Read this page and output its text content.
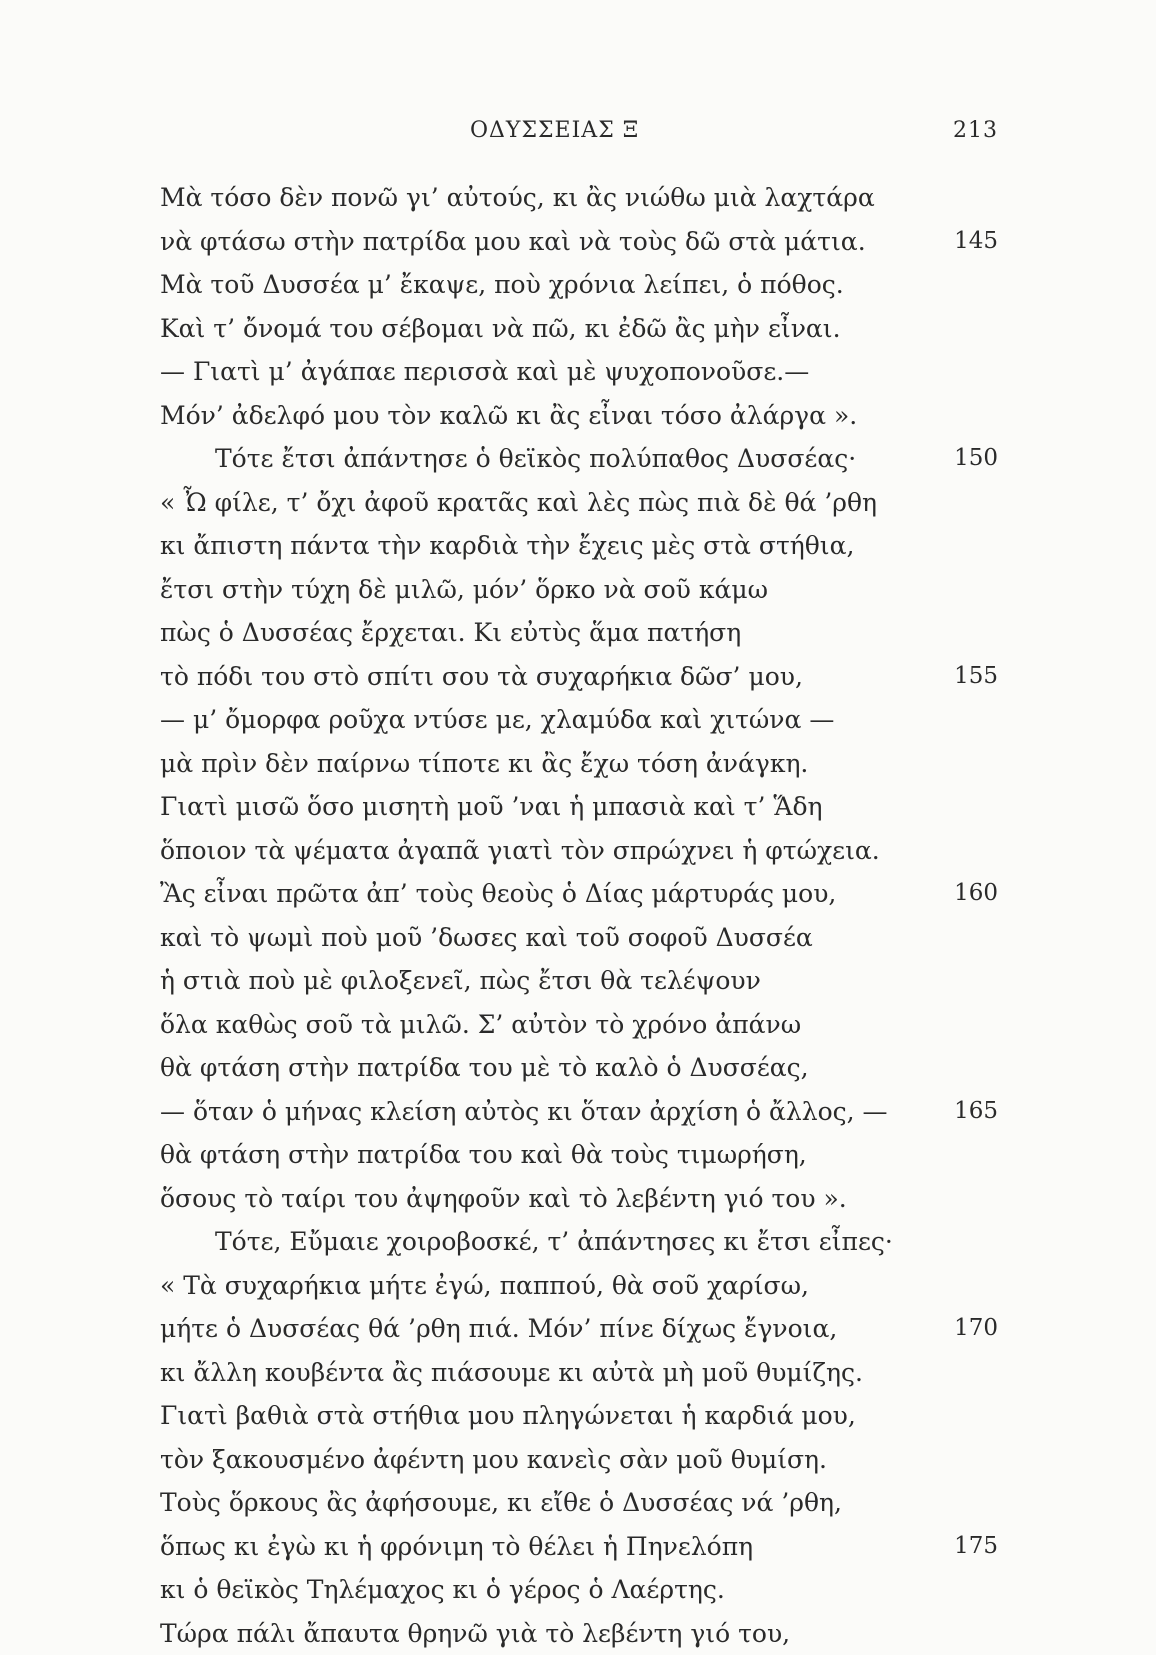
ΟΔΥΣΣΕΙΑΣ Ξ	213
Μὰ τόσο δὲν πονῶ γι’ αὐτούς, κι ἂς νιώθω μιὰ λαχτάρα
νὰ φτάσω στὴν πατρίδα μου καὶ νὰ τοὺς δῶ στὰ μάτια.	145
Μὰ τοῦ Δυσσέα μ’ ἔκαψε, ποὺ χρόνια λείπει, ὁ πόθος.
Καὶ τ’ ὄνομά του σέβομαι νὰ πῶ, κι ἐδῶ ἂς μὴν εἶναι.
— Γιατὶ μ’ ἀγάπαε περισσὰ καὶ μὲ ψυχοπονοῦσε.—
Μόν’ ἀδελφό μου τὸν καλῶ κι ἂς εἶναι τόσο ἀλάργα ».
Τότε ἔτσι ἀπάντησε ὁ θεϊκὸς πολύπαθος Δυσσέας·	150
« Ὦ φίλε, τ’ ὄχι ἀφοῦ κρατᾶς καὶ λὲς πὼς πιὰ δὲ θά ’ρθη
κι ἄπιστη πάντα τὴν καρδιὰ τὴν ἔχεις μὲς στὰ στήθια,
ἔτσι στὴν τύχη δὲ μιλῶ, μόν’ ὅρκο νὰ σοῦ κάμω
πὼς ὁ Δυσσέας ἔρχεται. Κι εὐτὺς ἅμα πατήση
τὸ πόδι του στὸ σπίτι σου τὰ συχαρήκια δῶσ’ μου,	155
— μ’ ὄμορφα ροῦχα ντύσε με, χλαμύδα καὶ χιτώνα —
μὰ πρὶν δὲν παίρνω τίποτε κι ἂς ἔχω τόση ἀνάγκη.
Γιατὶ μισῶ ὅσο μισητὴ μοῦ ’ναι ἡ μπασιὰ καὶ τ’ Ἅδη
ὅποιον τὰ ψέματα ἀγαπᾶ γιατὶ τὸν σπρώχνει ἡ φτώχεια.
Ἂς εἶναι πρῶτα ἀπ’ τοὺς θεοὺς ὁ Δίας μάρτυράς μου,	160
καὶ τὸ ψωμὶ ποὺ μοῦ ’δωσες καὶ τοῦ σοφοῦ Δυσσέα
ἡ στιὰ ποὺ μὲ φιλοξενεῖ, πὼς ἔτσι θὰ τελέψουν
ὅλα καθὼς σοῦ τὰ μιλῶ. Σ’ αὐτὸν τὸ χρόνο ἀπάνω
θὰ φτάση στὴν πατρίδα του μὲ τὸ καλὸ ὁ Δυσσέας,
— ὅταν ὁ μήνας κλείση αὐτὸς κι ὅταν ἀρχίση ὁ ἄλλος, —	165
θὰ φτάση στὴν πατρίδα του καὶ θὰ τοὺς τιμωρήση,
ὅσους τὸ ταίρι του ἀψηφοῦν καὶ τὸ λεβέντη γιό του ».
Τότε, Εὔμαιε χοιροβοσκέ, τ’ ἀπάντησες κι ἔτσι εἶπες·
« Τὰ συχαρήκια μήτε ἐγώ, παππού, θὰ σοῦ χαρίσω,
μήτε ὁ Δυσσέας θά ’ρθη πιά. Μόν’ πίνε δίχως ἔγνοια,	170
κι ἄλλη κουβέντα ἂς πιάσουμε κι αὐτὰ μὴ μοῦ θυμίζης.
Γιατὶ βαθιὰ στὰ στήθια μου πληγώνεται ἡ καρδιά μου,
τὸν ξακουσμένο ἀφέντη μου κανεὶς σὰν μοῦ θυμίση.
Τοὺς ὅρκους ἂς ἀφήσουμε, κι εἴθε ὁ Δυσσέας νά ’ρθη,
ὅπως κι ἐγὼ κι ἡ φρόνιμη τὸ θέλει ἡ Πηνελόπη	175
κι ὁ θεϊκὸς Τηλέμαχος κι ὁ γέρος ὁ Λαέρτης.
Τώρα πάλι ἄπαυτα θρηνῶ γιὰ τὸ λεβέντη γιό του,
